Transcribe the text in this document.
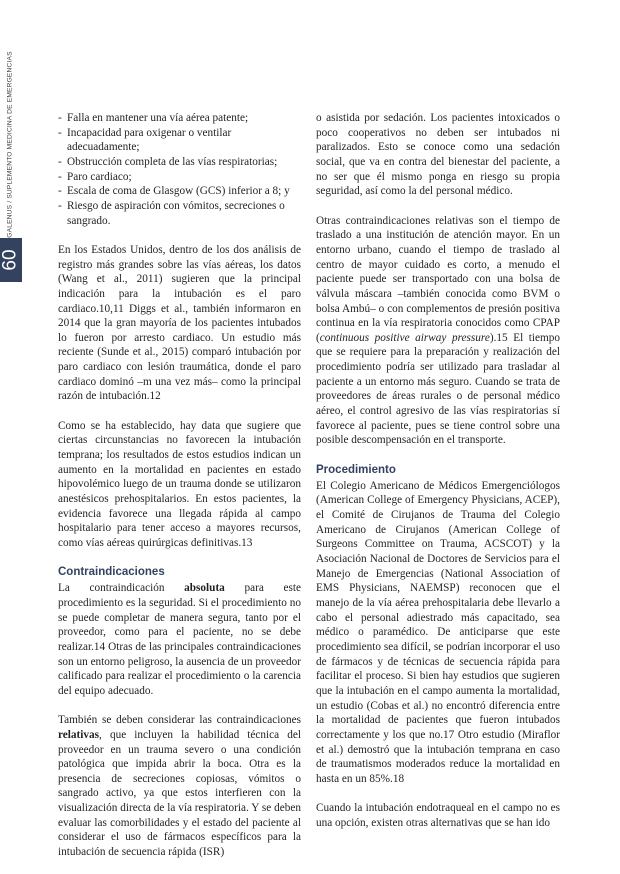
GALENUS / SUPLEMENTO MEDICINA DE EMERGENCIAS
60
- Falla en mantener una vía aérea patente;
- Incapacidad para oxigenar o ventilar adecuadamente;
- Obstrucción completa de las vías respiratorias;
- Paro cardiaco;
- Escala de coma de Glasgow (GCS) inferior a 8; y
- Riesgo de aspiración con vómitos, secreciones o sangrado.

En los Estados Unidos, dentro de los dos análisis de registro más grandes sobre las vías aéreas, los datos (Wang et al., 2011) sugieren que la principal indicación para la intubación es el paro cardiaco.10,11 Diggs et al., también informaron en 2014 que la gran mayoría de los pacientes intubados lo fueron por arresto cardiaco. Un estudio más reciente (Sunde et al., 2015) comparó intubación por paro cardiaco con lesión traumática, donde el paro cardiaco dominó –m una vez más– como la principal razón de intubación.12

Como se ha establecido, hay data que sugiere que ciertas circunstancias no favorecen la intubación temprana; los resultados de estos estudios indican un aumento en la mortalidad en pacientes en estado hipovolémico luego de un trauma donde se utilizaron anestésicos prehospitalarios. En estos pacientes, la evidencia favorece una llegada rápida al campo hospitalario para tener acceso a mayores recursos, como vías aéreas quirúrgicas definitivas.13

Contraindicaciones

La contraindicación absoluta para este procedimiento es la seguridad. Si el procedimiento no se puede completar de manera segura, tanto por el proveedor, como para el paciente, no se debe realizar.14 Otras de las principales contraindicaciones son un entorno peligroso, la ausencia de un proveedor calificado para realizar el procedimiento o la carencia del equipo adecuado.

También se deben considerar las contraindicaciones relativas, que incluyen la habilidad técnica del proveedor en un trauma severo o una condición patológica que impida abrir la boca. Otra es la presencia de secreciones copiosas, vómitos o sangrado activo, ya que estos interfieren con la visualización directa de la vía respiratoria. Y se deben evaluar las comorbilidades y el estado del paciente al considerar el uso de fármacos específicos para la intubación de secuencia rápida (ISR)

o asistida por sedación. Los pacientes intoxicados o poco cooperativos no deben ser intubados ni paralizados. Esto se conoce como una sedación social, que va en contra del bienestar del paciente, a no ser que él mismo ponga en riesgo su propia seguridad, así como la del personal médico.

Otras contraindicaciones relativas son el tiempo de traslado a una institución de atención mayor. En un entorno urbano, cuando el tiempo de traslado al centro de mayor cuidado es corto, a menudo el paciente puede ser transportado con una bolsa de válvula máscara –también conocida como BVM o bolsa Ambú– o con complementos de presión positiva continua en la vía respiratoria conocidos como CPAP (continuous positive airway pressure).15 El tiempo que se requiere para la preparación y realización del procedimiento podría ser utilizado para trasladar al paciente a un entorno más seguro. Cuando se trata de proveedores de áreas rurales o de personal médico aéreo, el control agresivo de las vías respiratorias sí favorece al paciente, pues se tiene control sobre una posible descompensación en el transporte.

Procedimiento

El Colegio Americano de Médicos Emergenciólogos (American College of Emergency Physicians, ACEP), el Comité de Cirujanos de Trauma del Colegio Americano de Cirujanos (American College of Surgeons Committee on Trauma, ACSCOT) y la Asociación Nacional de Doctores de Servicios para el Manejo de Emergencias (National Association of EMS Physicians, NAEMSP) reconocen que el manejo de la vía aérea prehospitalaria debe llevarlo a cabo el personal adiestrado más capacitado, sea médico o paramédico. De anticiparse que este procedimiento sea difícil, se podrían incorporar el uso de fármacos y de técnicas de secuencia rápida para facilitar el proceso. Si bien hay estudios que sugieren que la intubación en el campo aumenta la mortalidad, un estudio (Cobas et al.) no encontró diferencia entre la mortalidad de pacientes que fueron intubados correctamente y los que no.17 Otro estudio (Miraflor et al.) demostró que la intubación temprana en caso de traumatismos moderados reduce la mortalidad en hasta en un 85%.18

Cuando la intubación endotraqueal en el campo no es una opción, existen otras alternativas que se han ido
